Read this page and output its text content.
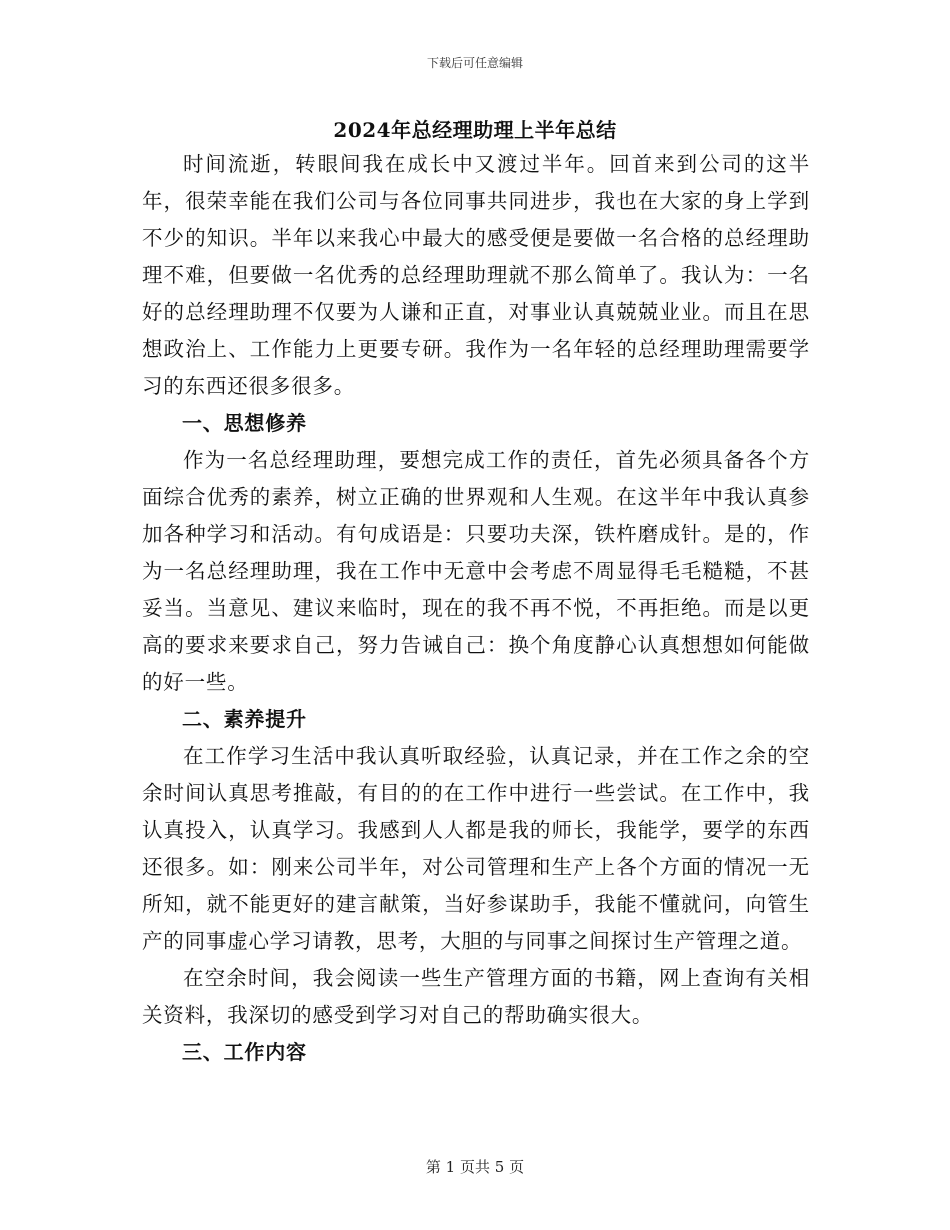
下载后可任意编辑
2024年总经理助理上半年总结

时间流逝，转眼间我在成长中又渡过半年。回首来到公司的这半年，很荣幸能在我们公司与各位同事共同进步，我也在大家的身上学到不少的知识。半年以来我心中最大的感受便是要做一名合格的总经理助理不难，但要做一名优秀的总经理助理就不那么简单了。我认为：一名好的总经理助理不仅要为人谦和正直，对事业认真兢兢业业。而且在思想政治上、工作能力上更要专研。我作为一名年轻的总经理助理需要学习的东西还很多很多。

一、思想修养

作为一名总经理助理，要想完成工作的责任，首先必须具备各个方面综合优秀的素养，树立正确的世界观和人生观。在这半年中我认真参加各种学习和活动。有句成语是：只要功夫深，铁杵磨成针。是的，作为一名总经理助理，我在工作中无意中会考虑不周显得毛毛糙糙，不甚妥当。当意见、建议来临时，现在的我不再不悦，不再拒绝。而是以更高的要求来要求自己，努力告诫自己：换个角度静心认真想想如何能做的好一些。

二、素养提升

在工作学习生活中我认真听取经验，认真记录，并在工作之余的空余时间认真思考推敲，有目的的在工作中进行一些尝试。在工作中，我认真投入，认真学习。我感到人人都是我的师长，我能学，要学的东西还很多。如：刚来公司半年，对公司管理和生产上各个方面的情况一无所知，就不能更好的建言献策，当好参谋助手，我能不懂就问，向管生产的同事虚心学习请教，思考，大胆的与同事之间探讨生产管理之道。

在空余时间，我会阅读一些生产管理方面的书籍，网上查询有关相关资料，我深切的感受到学习对自己的帮助确实很大。

三、工作内容

第 1 页共 5 页
